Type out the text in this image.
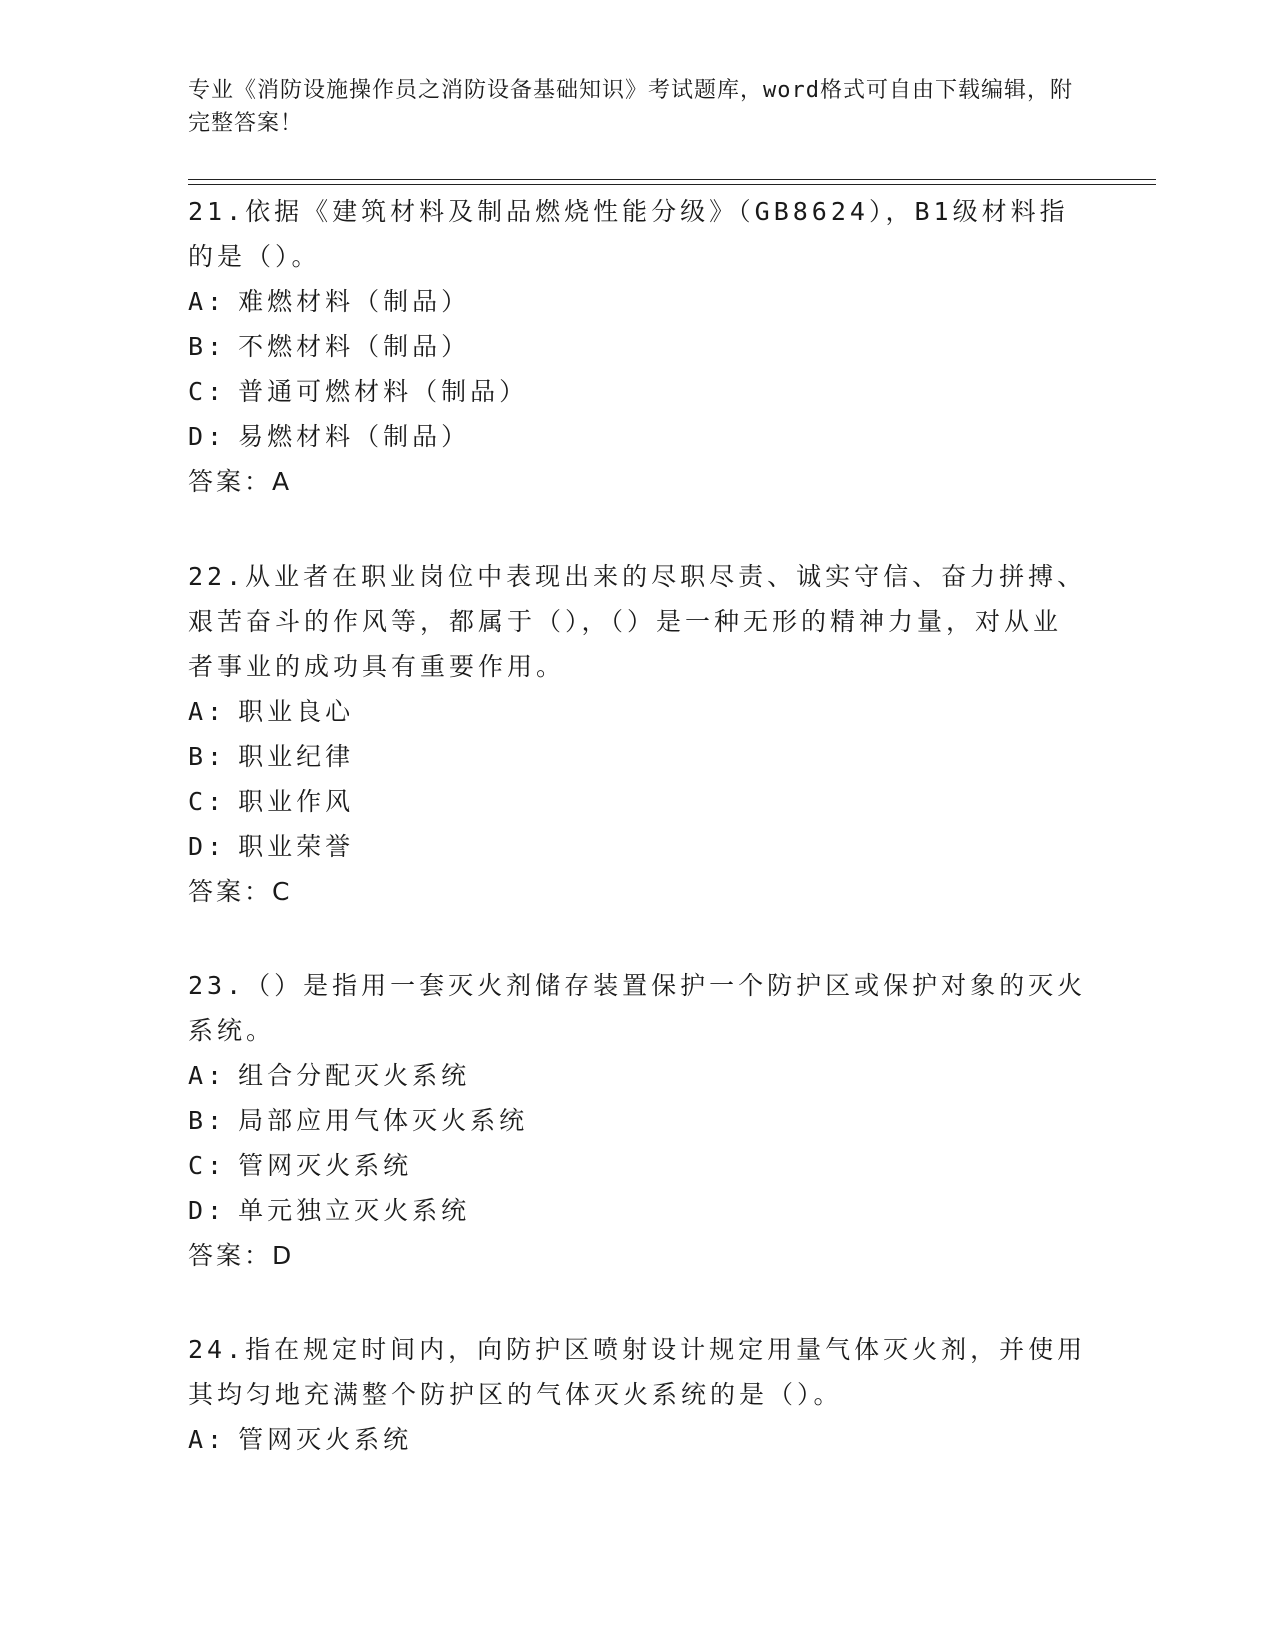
专业《消防设施操作员之消防设备基础知识》考试题库，word格式可自由下载编辑，附完整答案！

21.依据《建筑材料及制品燃烧性能分级》（GB8624），B1级材料指的是（）。

A: 难燃材料（制品）

B: 不燃材料（制品）

C: 普通可燃材料（制品）

D: 易燃材料（制品）

答案：A

22.从业者在职业岗位中表现出来的尽职尽责、诚实守信、奋力拼搏、艰苦奋斗的作风等，都属于（），（）是一种无形的精神力量，对从业者事业的成功具有重要作用。

A: 职业良心

B: 职业纪律

C: 职业作风

D: 职业荣誉

答案：C

23.（）是指用一套灭火剂储存装置保护一个防护区或保护对象的灭火系统。

A: 组合分配灭火系统

B: 局部应用气体灭火系统

C: 管网灭火系统

D: 单元独立灭火系统

答案：D

24.指在规定时间内，向防护区喷射设计规定用量气体灭火剂，并使用其均匀地充满整个防护区的气体灭火系统的是（）。

A: 管网灭火系统
